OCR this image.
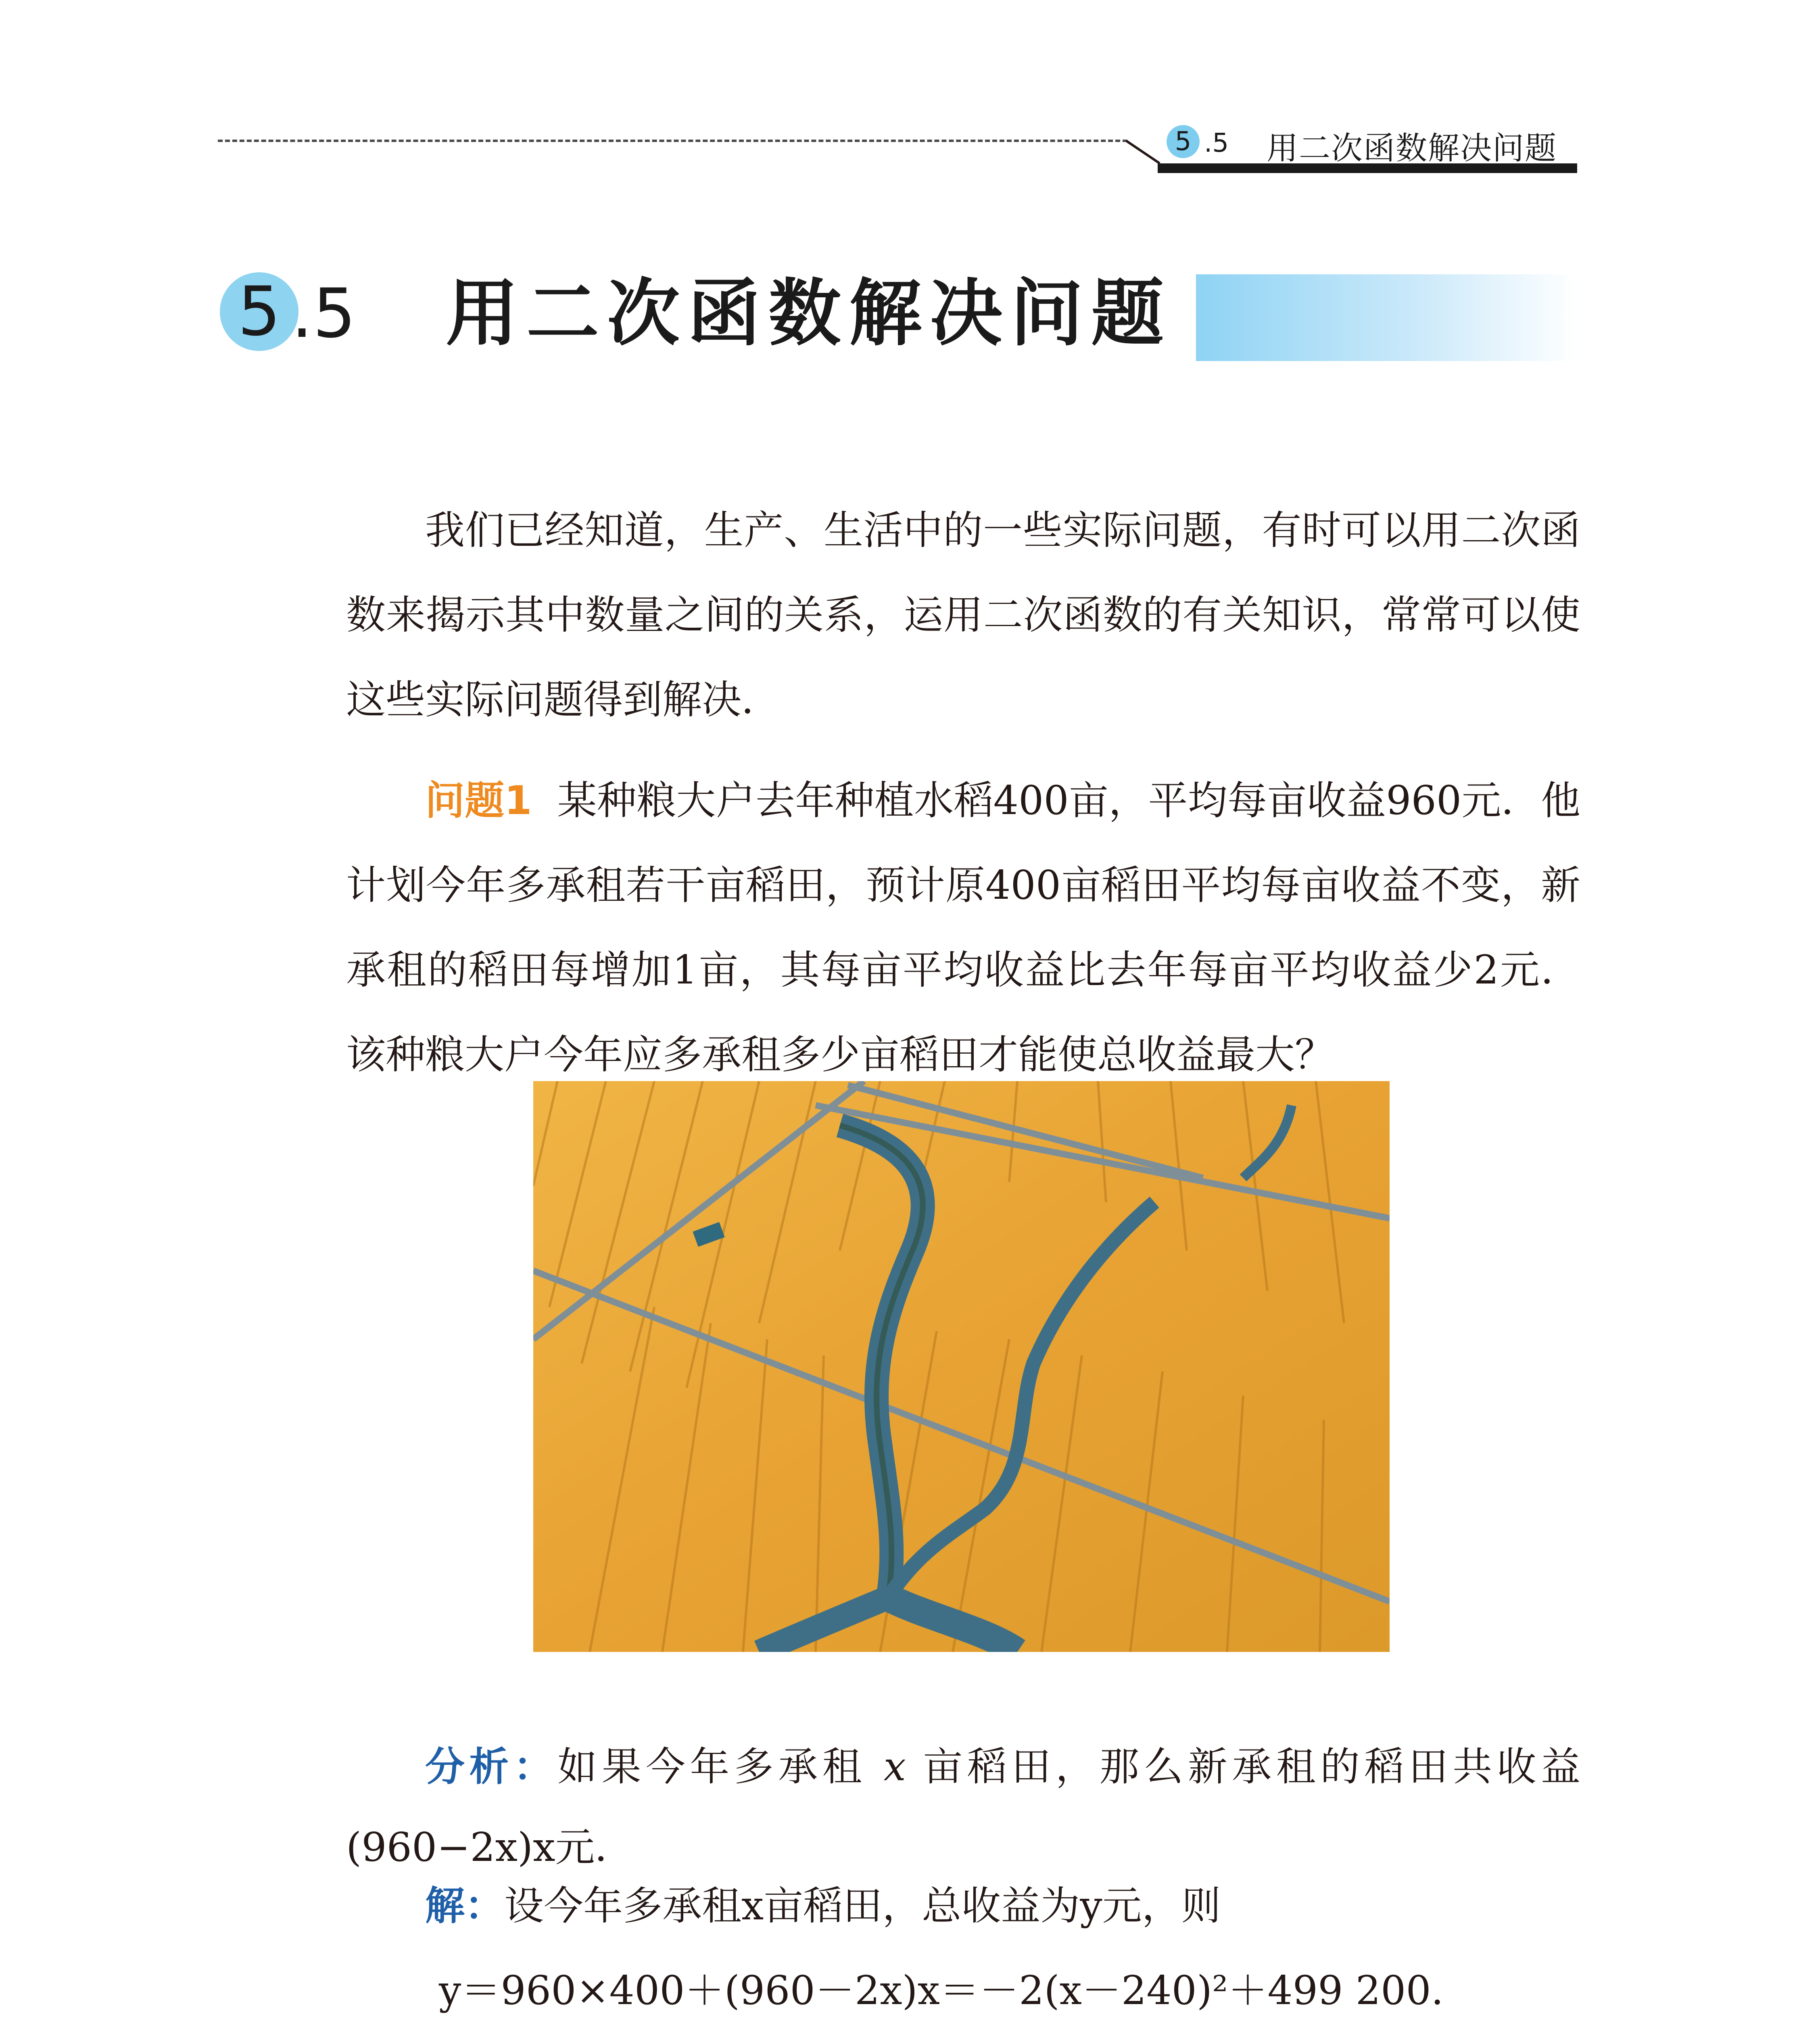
5 .5 用二次函数解决问题
5 .5 用二次函数解决问题

我们已经知道，生产、生活中的一些实际问题，有时可以用二次函数来揭示其中数量之间的关系，运用二次函数的有关知识，常常可以使这些实际问题得到解决．

问题1 某种粮大户去年种植水稻400亩，平均每亩收益960元．他计划今年多承租若干亩稻田，预计原400亩稻田平均每亩收益不变，新承租的稻田每增加1亩，其每亩平均收益比去年每亩平均收益少2元．该种粮大户今年应多承租多少亩稻田才能使总收益最大？

分析：如果今年多承租 x 亩稻田，那么新承租的稻田共收益(960−2x)x元．

解：设今年多承租x亩稻田，总收益为y元，则

y＝960×400＋(960－2x)x＝－2(x－240)²＋499 200.
